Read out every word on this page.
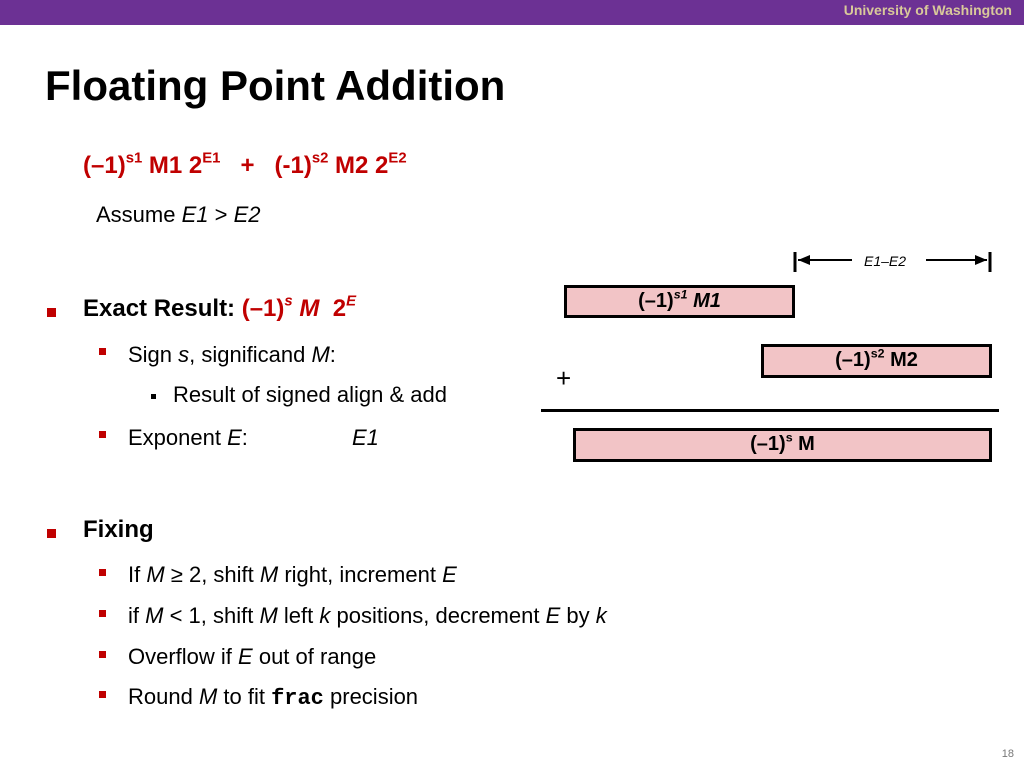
University of Washington
Floating Point Addition
$(-1)^{s1}$ M1 $2^{E1} + (-1)^{s2}$ M2 $2^{E2}$
Assume E1 > E2
Exact Result: $(-1)^s$ M $2^E$
Sign s, significand M:
Result of signed align & add
Exponent E:	E1
Fixing
If M ≥ 2, shift M right, increment E
if M < 1, shift M left k positions, decrement E by k
Overflow if E out of range
Round M to fit frac precision
E1–E2
$(-1)^{s1}$ M1
$(-1)^{s2}$ M2
+
$(-1)^s$ M
18
